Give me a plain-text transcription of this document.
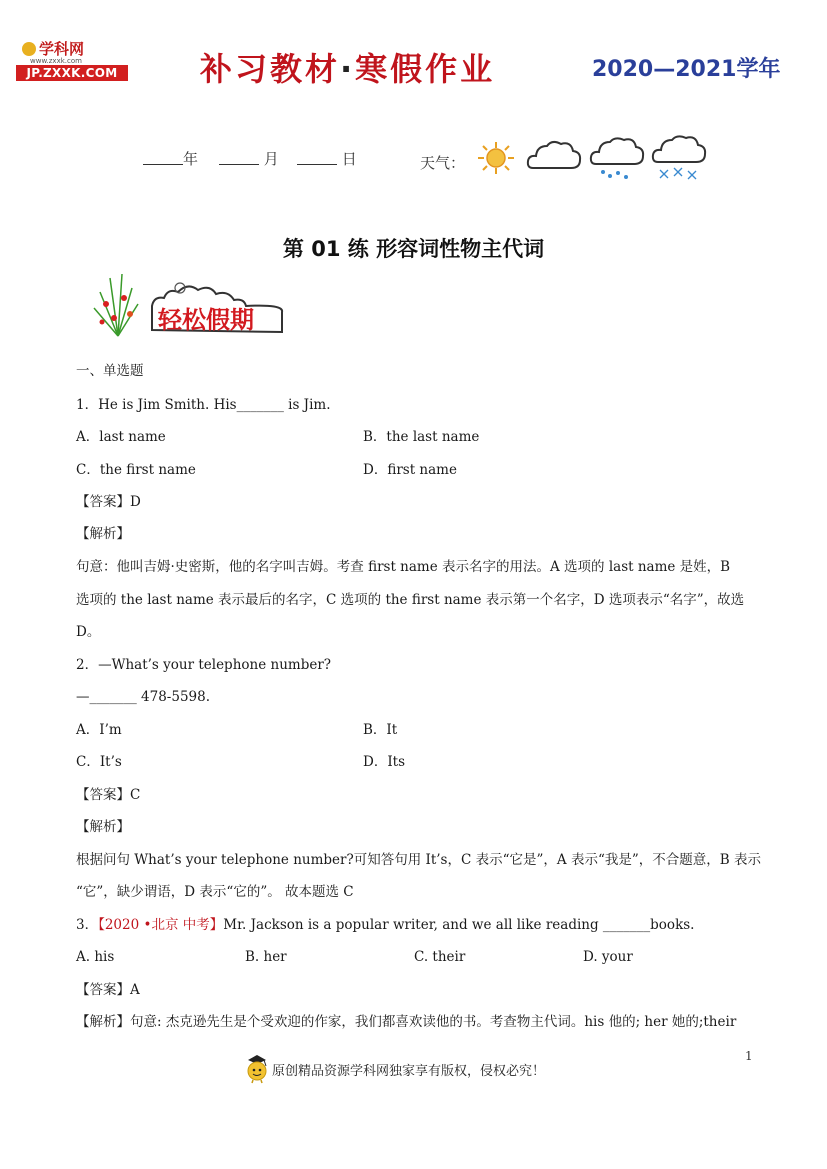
学科网
www.zxxk.com
JP.ZXXK.COM	补习教材·寒假作业	2020—2021学年
年	月	日	天气：
第 01 练 形容词性物主代词
轻松假期
一、单选题
1．He is Jim Smith. His_______ is Jim.
A．last name	B．the last name
C．the first name	D．first name
【答案】D
【解析】
句意：他叫吉姆·史密斯，他的名字叫吉姆。考查 first name 表示名字的用法。A 选项的 last name 是姓，B
选项的 the last name 表示最后的名字，C 选项的 the first name 表示第一个名字，D 选项表示“名字”，故选
D。
2．—What’s your telephone number?
—_______ 478-5598.
A．I’m	B．It
C．It’s	D．Its
【答案】C
【解析】
根据问句 What’s your telephone number?可知答句用 It’s，C 表示“它是”，A 表示“我是”，不合题意，B 表示
“它”，缺少谓语，D 表示“它的”。 故本题选 C
3．【2020 •北京 中考】Mr. Jackson is a popular writer, and we all like reading _______books.
A. his	B. her	C. their	D. your
【答案】A
【解析】句意: 杰克逊先生是个受欢迎的作家，我们都喜欢读他的书。考查物主代词。his 他的; her 她的;their
原创精品资源学科网独家享有版权，侵权必究！
1
